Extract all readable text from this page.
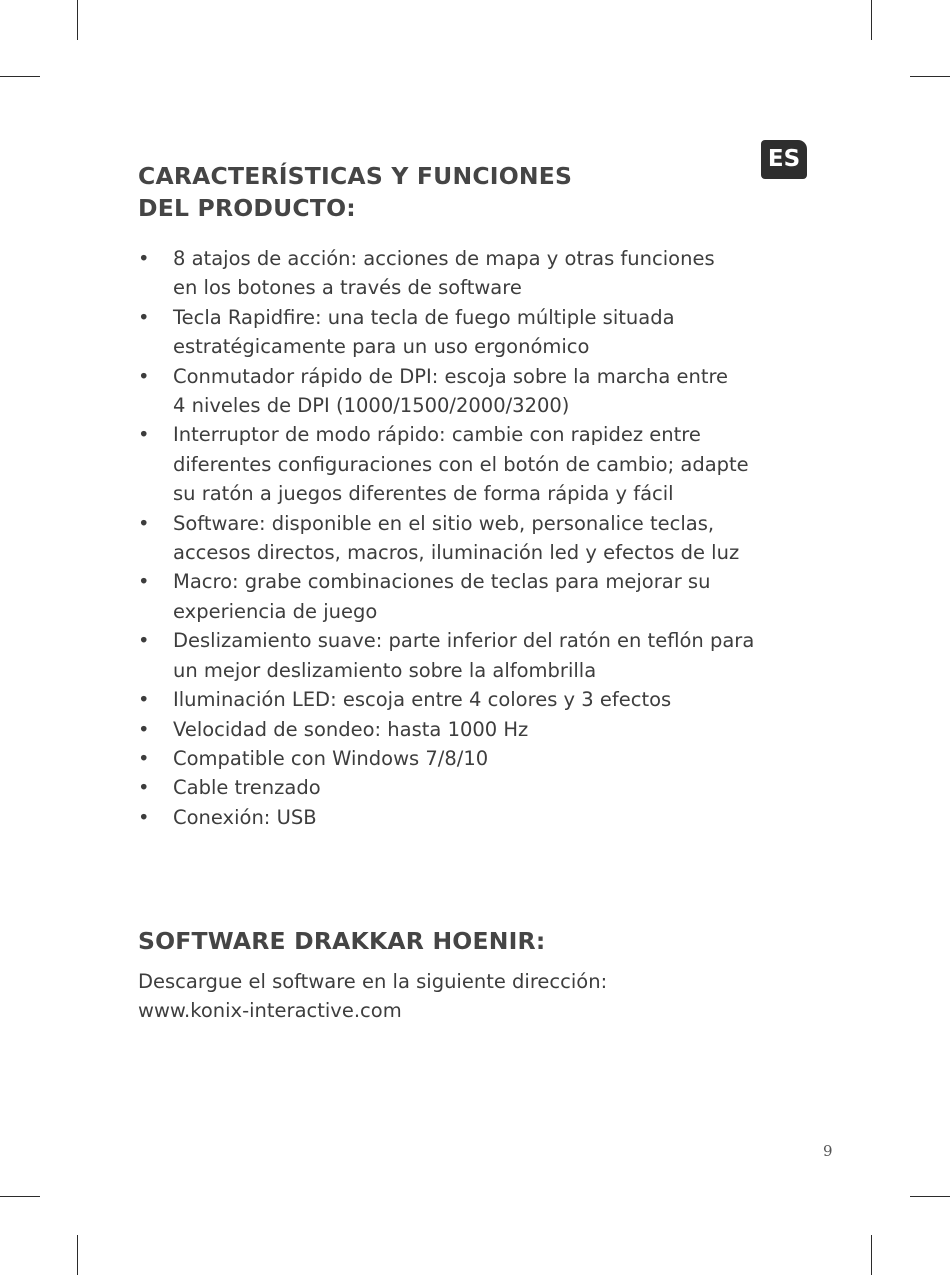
ES
CARACTERÍSTICAS Y FUNCIONES
DEL PRODUCTO:
• 8 atajos de acción: acciones de mapa y otras funciones
en los botones a través de software
• Tecla Rapidfire: una tecla de fuego múltiple situada
estratégicamente para un uso ergonómico
• Conmutador rápido de DPI: escoja sobre la marcha entre
4 niveles de DPI (1000/1500/2000/3200)
• Interruptor de modo rápido: cambie con rapidez entre
diferentes configuraciones con el botón de cambio; adapte
su ratón a juegos diferentes de forma rápida y fácil
• Software: disponible en el sitio web, personalice teclas,
accesos directos, macros, iluminación led y efectos de luz
• Macro: grabe combinaciones de teclas para mejorar su
experiencia de juego
• Deslizamiento suave: parte inferior del ratón en teflón para
un mejor deslizamiento sobre la alfombrilla
• Iluminación LED: escoja entre 4 colores y 3 efectos
• Velocidad de sondeo: hasta 1000 Hz
• Compatible con Windows 7/8/10
• Cable trenzado
• Conexión: USB
SOFTWARE DRAKKAR HOENIR:

Descargue el software en la siguiente dirección:
www.konix-interactive.com

9
